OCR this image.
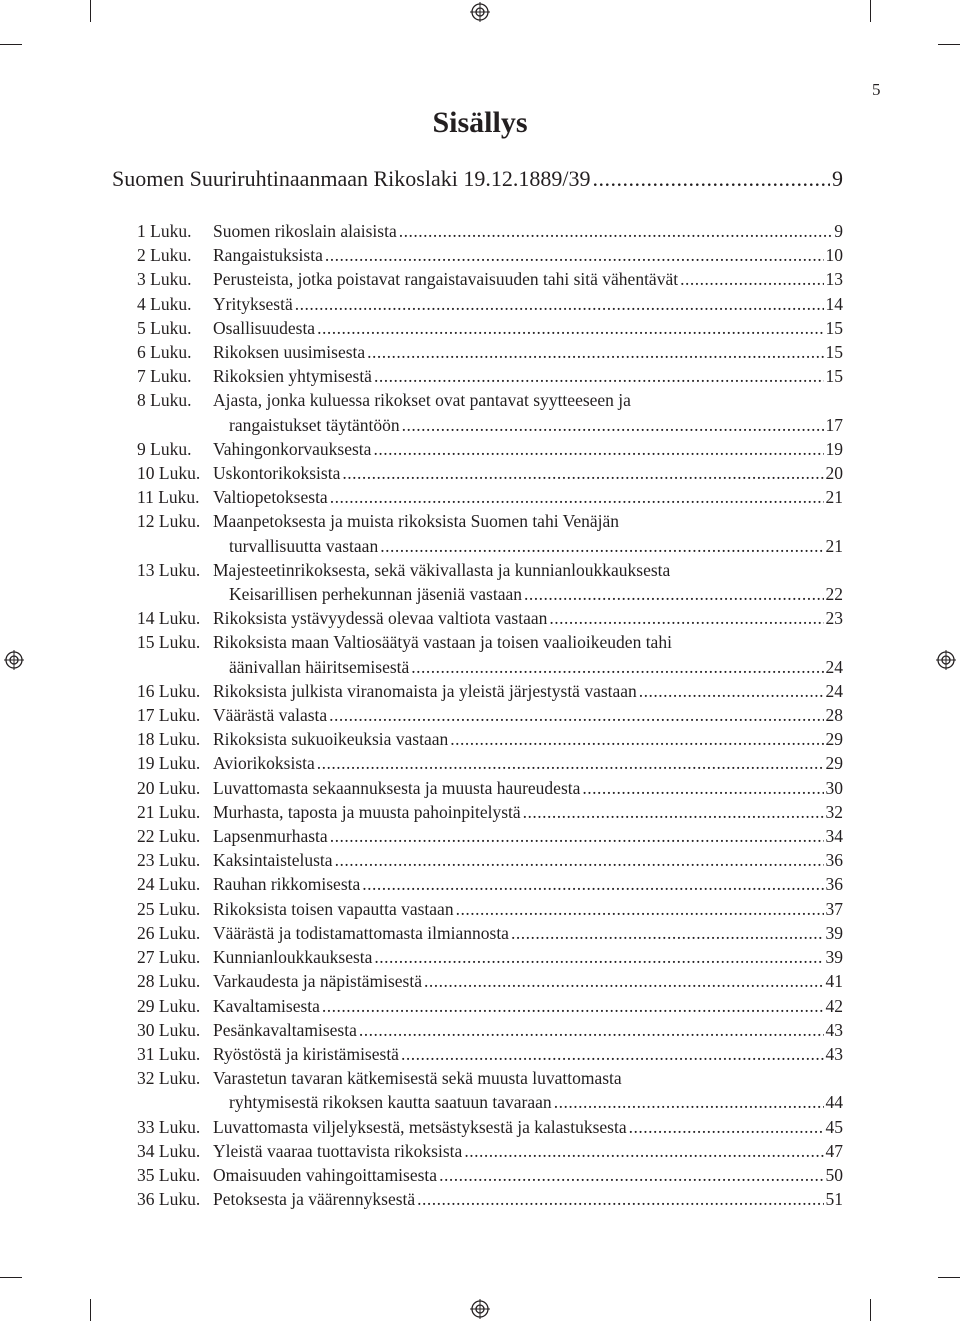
5
Sisällys
Suomen Suuriruhtinaanmaan Rikoslaki 19.12.1889/39 .....	9
1 Luku.	Suomen rikoslain alaisista .....	9
2 Luku.	Rangaistuksista .....	10
3 Luku.	Perusteista, jotka poistavat rangaistavaisuuden tahi sitä vähentävät .....	13
4 Luku.	Yrityksestä .....	14
5 Luku.	Osallisuudesta .....	15
6 Luku.	Rikoksen uusimisesta .....	15
7 Luku.	Rikoksien yhtymisestä .....	15
8 Luku. Ajasta, jonka kuluessa rikokset ovat pantavat syytteeseen ja
rangaistukset täytäntöön .....	17
9 Luku.	Vahingonkorvauksesta .....	19
10 Luku. Uskontorikoksista .....	20
11 Luku. Valtiopetoksesta .....	21
12 Luku. Maanpetoksesta ja muista rikoksista Suomen tahi Venäjän
turvallisuutta vastaan .....	21
13 Luku. Majesteetinrikoksesta, sekä väkivallasta ja kunnianloukkauksesta
Keisarillisen perhekunnan jäseniä vastaan .....	22
14 Luku. Rikoksista ystävyydessä olevaa valtiota vastaan .....	23
15 Luku. Rikoksista maan Valtiosäätyä vastaan ja toisen vaalioikeuden tahi
äänivallan häiritsemisestä .....	24
16 Luku. Rikoksista julkista viranomaista ja yleistä järjestystä vastaan .....	24
17 Luku. Väärästä valasta .....	28
18 Luku. Rikoksista sukuoikeuksia vastaan .....	29
19 Luku. Aviorikoksista .....	29
20 Luku. Luvattomasta sekaannuksesta ja muusta haureudesta .....	30
21 Luku. Murhasta, taposta ja muusta pahoinpitelystä .....	32
22 Luku. Lapsenmurhasta .....	34
23 Luku. Kaksintaistelusta .....	36
24 Luku. Rauhan rikkomisesta .....	36
25 Luku. Rikoksista toisen vapautta vastaan .....	37
26 Luku. Väärästä ja todistamattomasta ilmiannosta .....	39
27 Luku. Kunnianloukkauksesta .....	39
28 Luku. Varkaudesta ja näpistämisestä .....	41
29 Luku. Kavaltamisesta .....	42
30 Luku. Pesänkavaltamisesta .....	43
31 Luku. Ryöstöstä ja kiristämisestä .....	43
32 Luku. Varastetun tavaran kätkemisestä sekä muusta luvattomasta
ryhtymisestä rikoksen kautta saatuun tavaraan .....	44
33 Luku. Luvattomasta viljelyksestä, metsästyksestä ja kalastuksesta .....	45
34 Luku. Yleistä vaaraa tuottavista rikoksista .....	47
35 Luku. Omaisuuden vahingoittamisesta .....	50
36 Luku. Petoksesta ja väärennyksestä .....	51
